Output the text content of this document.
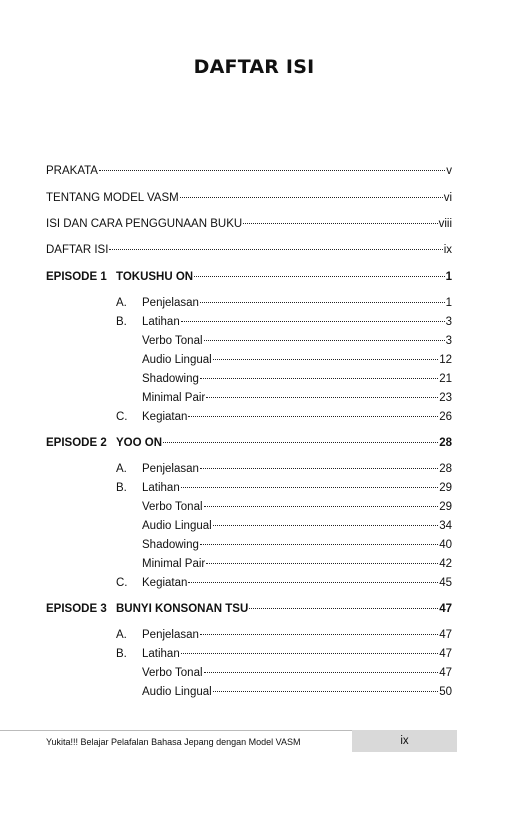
DAFTAR ISI
PRAKATA	v
TENTANG MODEL VASM	vi
ISI DAN CARA PENGGUNAAN BUKU	viii
DAFTAR ISI	ix
EPISODE 1 TOKUSHU ON	1
A. Penjelasan	1
B. Latihan	3
Verbo Tonal	3
Audio Lingual	12
Shadowing	21
Minimal Pair	23
C. Kegiatan	26
EPISODE 2 YOO ON	28
A. Penjelasan	28
B. Latihan	29
Verbo Tonal	29
Audio Lingual	34
Shadowing	40
Minimal Pair	42
C. Kegiatan	45
EPISODE 3 BUNYI KONSONAN TSU	47
A. Penjelasan	47
B. Latihan	47
Verbo Tonal	47
Audio Lingual	50
Yukita!!! Belajar Pelafalan Bahasa Jepang dengan Model VASM	ix
